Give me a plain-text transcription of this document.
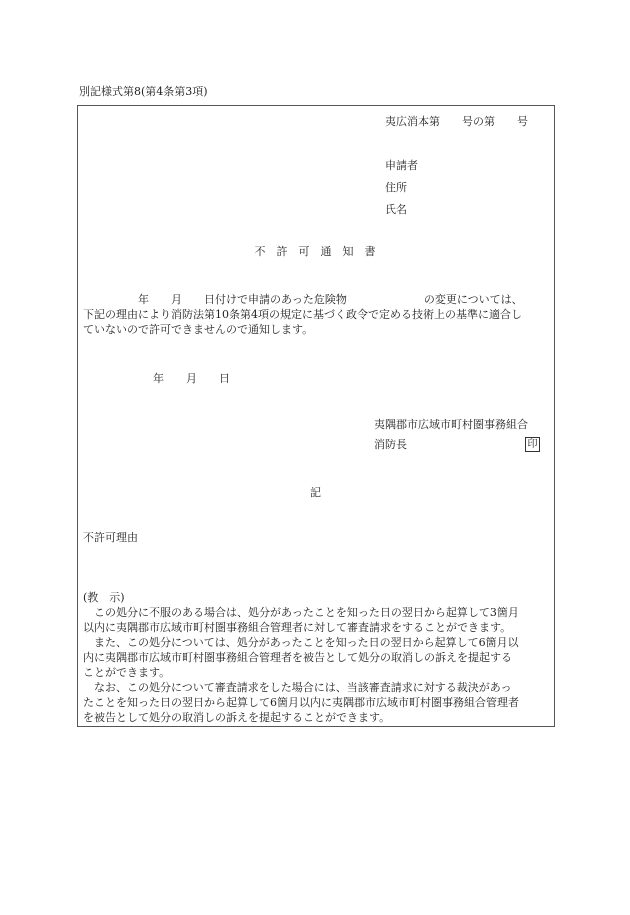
別記様式第8(第4条第3項)
夷広消本第　　号の第　　号
申請者
住所
氏名
不　許　可　通　知　書
　　　　　年　　月　　日付けで申請のあった危険物　　　　　　　の変更については、
下記の理由により消防法第10条第4項の規定に基づく政令で定める技術上の基準に適合し
ていないので許可できませんので通知します。
年　　月　　日
夷隅郡市広域市町村圏事務組合
消防長	印
記
不許可理由
(教　示)
　この処分に不服のある場合は、処分があったことを知った日の翌日から起算して3箇月
以内に夷隅郡市広域市町村圏事務組合管理者に対して審査請求をすることができます。
　また、この処分については、処分があったことを知った日の翌日から起算して6箇月以
内に夷隅郡市広域市町村圏事務組合管理者を被告として処分の取消しの訴えを提起する
ことができます。
　なお、この処分について審査請求をした場合には、当該審査請求に対する裁決があっ
たことを知った日の翌日から起算して6箇月以内に夷隅郡市広域市町村圏事務組合管理者
を被告として処分の取消しの訴えを提起することができます。
